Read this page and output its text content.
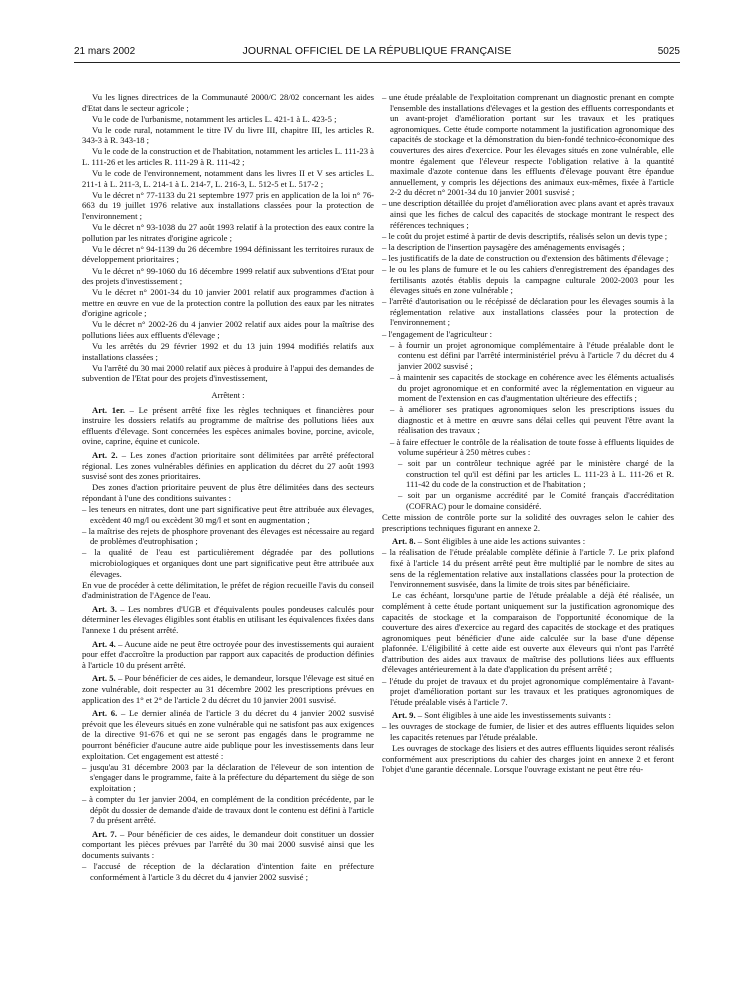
21 mars 2002	JOURNAL OFFICIEL DE LA RÉPUBLIQUE FRANÇAISE	5025

Vu les lignes directrices de la Communauté 2000/C 28/02 concernant les aides d'Etat dans le secteur agricole ;

Vu le code de l'urbanisme, notamment les articles L. 421-1 à L. 423-5 ;

Vu le code rural, notamment le titre IV du livre III, chapitre III, les articles R. 343-3 à R. 343-18 ;

Vu le code de la construction et de l'habitation, notamment les articles L. 111-23 à L. 111-26 et les articles R. 111-29 à R. 111-42 ;

Vu le code de l'environnement, notamment dans les livres II et V ses articles L. 211-1 à L. 211-3, L. 214-1 à L. 214-7, L. 216-3, L. 512-5 et L. 517-2 ;

Vu le décret n° 77-1133 du 21 septembre 1977 pris en application de la loi n° 76-663 du 19 juillet 1976 relative aux installations classées pour la protection de l'environnement ;

Vu le décret n° 93-1038 du 27 août 1993 relatif à la protection des eaux contre la pollution par les nitrates d'origine agricole ;

Vu le décret n° 94-1139 du 26 décembre 1994 définissant les territoires ruraux de développement prioritaires ;

Vu le décret n° 99-1060 du 16 décembre 1999 relatif aux subventions d'Etat pour des projets d'investissement ;

Vu le décret n° 2001-34 du 10 janvier 2001 relatif aux programmes d'action à mettre en œuvre en vue de la protection contre la pollution des eaux par les nitrates d'origine agricole ;

Vu le décret n° 2002-26 du 4 janvier 2002 relatif aux aides pour la maîtrise des pollutions liées aux effluents d'élevage ;

Vu les arrêtés du 29 février 1992 et du 13 juin 1994 modifiés relatifs aux installations classées ;

Vu l'arrêté du 30 mai 2000 relatif aux pièces à produire à l'appui des demandes de subvention de l'Etat pour des projets d'investissement,

Arrêtent :

Art. 1er. – Le présent arrêté fixe les règles techniques et financières pour instruire les dossiers relatifs au programme de maîtrise des pollutions liées aux effluents d'élevage. Sont concernées les espèces animales bovine, porcine, avicole, ovine, caprine, équine et cunicole.

Art. 2. – Les zones d'action prioritaire sont délimitées par arrêté préfectoral régional. Les zones vulnérables définies en application du décret du 27 août 1993 susvisé sont des zones prioritaires.

Des zones d'action prioritaire peuvent de plus être délimitées dans des secteurs répondant à l'une des conditions suivantes :

– les teneurs en nitrates, dont une part significative peut être attribuée aux élevages, excèdent 40 mg/l ou excèdent 30 mg/l et sont en augmentation ;

– la maîtrise des rejets de phosphore provenant des élevages est nécessaire au regard de problèmes d'eutrophisation ;

– la qualité de l'eau est particulièrement dégradée par des pollutions microbiologiques et organiques dont une part significative peut être attribuée aux élevages.

En vue de procéder à cette délimitation, le préfet de région recueille l'avis du conseil d'administration de l'Agence de l'eau.

Art. 3. – Les nombres d'UGB et d'équivalents poules pondeuses calculés pour déterminer les élevages éligibles sont établis en utilisant les équivalences fixées dans l'annexe 1 du présent arrêté.

Art. 4. – Aucune aide ne peut être octroyée pour des investissements qui auraient pour effet d'accroître la production par rapport aux capacités de production définies à l'article 10 du présent arrêté.

Art. 5. – Pour bénéficier de ces aides, le demandeur, lorsque l'élevage est situé en zone vulnérable, doit respecter au 31 décembre 2002 les prescriptions prévues en application des 1° et 2° de l'article 2 du décret du 10 janvier 2001 susvisé.

Art. 6. – Le dernier alinéa de l'article 3 du décret du 4 janvier 2002 susvisé prévoit que les éleveurs situés en zone vulnérable qui ne satisfont pas aux exigences de la directive 91-676 et qui ne se seront pas engagés dans le programme ne pourront bénéficier d'aucune autre aide publique pour les investissements dans leur exploitation. Cet engagement est attesté :

– jusqu'au 31 décembre 2003 par la déclaration de l'éleveur de son intention de s'engager dans le programme, faite à la préfecture du département du siège de son exploitation ;

– à compter du 1er janvier 2004, en complément de la condition précédente, par le dépôt du dossier de demande d'aide de travaux dont le contenu est défini à l'article 7 du présent arrêté.

Art. 7. – Pour bénéficier de ces aides, le demandeur doit constituer un dossier comportant les pièces prévues par l'arrêté du 30 mai 2000 susvisé ainsi que les documents suivants :

– l'accusé de réception de la déclaration d'intention faite en préfecture conformément à l'article 3 du décret du 4 janvier 2002 susvisé ;

– une étude préalable de l'exploitation comprenant un diagnostic prenant en compte l'ensemble des installations d'élevages et la gestion des effluents correspondants et un avant-projet d'amélioration portant sur les travaux et les pratiques agronomiques. Cette étude comporte notamment la justification agronomique des capacités de stockage et la démonstration du bien-fondé technico-économique des couvertures des aires d'exercice. Pour les élevages situés en zone vulnérable, elle montre également que l'éleveur respecte l'obligation relative à la quantité maximale d'azote contenue dans les effluents d'élevage pouvant être épandue annuellement, y compris les déjections des animaux eux-mêmes, fixée à l'article 2-2 du décret n° 2001-34 du 10 janvier 2001 susvisé ;

– une description détaillée du projet d'amélioration avec plans avant et après travaux ainsi que les fiches de calcul des capacités de stockage montrant le respect des références techniques ;

– le coût du projet estimé à partir de devis descriptifs, réalisés selon un devis type ;

– la description de l'insertion paysagère des aménagements envisagés ;

– les justificatifs de la date de construction ou d'extension des bâtiments d'élevage ;

– le ou les plans de fumure et le ou les cahiers d'enregistrement des épandages des fertilisants azotés établis depuis la campagne culturale 2002-2003 pour les élevages situés en zone vulnérable ;

– l'arrêté d'autorisation ou le récépissé de déclaration pour les élevages soumis à la réglementation relative aux installations classées pour la protection de l'environnement ;

– l'engagement de l'agriculteur :

– à fournir un projet agronomique complémentaire à l'étude préalable dont le contenu est défini par l'arrêté interministériel prévu à l'article 7 du décret du 4 janvier 2002 susvisé ;

– à maintenir ses capacités de stockage en cohérence avec les éléments actualisés du projet agronomique et en conformité avec la réglementation en vigueur au moment de l'extension en cas d'augmentation ultérieure des effectifs ;

– à améliorer ses pratiques agronomiques selon les prescriptions issues du diagnostic et à mettre en œuvre sans délai celles qui peuvent l'être avant la réalisation des travaux ;

– à faire effectuer le contrôle de la réalisation de toute fosse à effluents liquides de volume supérieur à 250 mètres cubes :

– soit par un contrôleur technique agréé par le ministère chargé de la construction tel qu'il est défini par les articles L. 111-23 à L. 111-26 et R. 111-42 du code de la construction et de l'habitation ;

– soit par un organisme accrédité par le Comité français d'accréditation (COFRAC) pour le domaine considéré.

Cette mission de contrôle porte sur la solidité des ouvrages selon le cahier des prescriptions techniques figurant en annexe 2.

Art. 8. – Sont éligibles à une aide les actions suivantes :

– la réalisation de l'étude préalable complète définie à l'article 7. Le prix plafond fixé à l'article 14 du présent arrêté peut être multiplié par le nombre de sites au sens de la réglementation relative aux installations classées pour la protection de l'environnement susvisée, dans la limite de trois sites par bénéficiaire.

Le cas échéant, lorsqu'une partie de l'étude préalable a déjà été réalisée, un complément à cette étude portant uniquement sur la justification agronomique des capacités de stockage et la comparaison de l'opportunité économique de la couverture des aires d'exercice au regard des capacités de stockage et des pratiques agronomiques peut bénéficier d'une aide calculée sur la base d'une dépense plafonnée. L'éligibilité à cette aide est ouverte aux éleveurs qui n'ont pas l'arrêté d'attribution des aides aux travaux de maîtrise des pollutions liées aux effluents d'élevages antérieurement à la date d'application du présent arrêté ;

– l'étude du projet de travaux et du projet agronomique complémentaire à l'avant-projet d'amélioration portant sur les travaux et les pratiques agronomiques de l'étude préalable visés à l'article 7.

Art. 9. – Sont éligibles à une aide les investissements suivants :

– les ouvrages de stockage de fumier, de lisier et des autres effluents liquides selon les capacités retenues par l'étude préalable.

Les ouvrages de stockage des lisiers et des autres effluents liquides seront réalisés conformément aux prescriptions du cahier des charges joint en annexe 2 et feront l'objet d'une garantie décennale. Lorsque l'ouvrage existant ne peut être réu-
